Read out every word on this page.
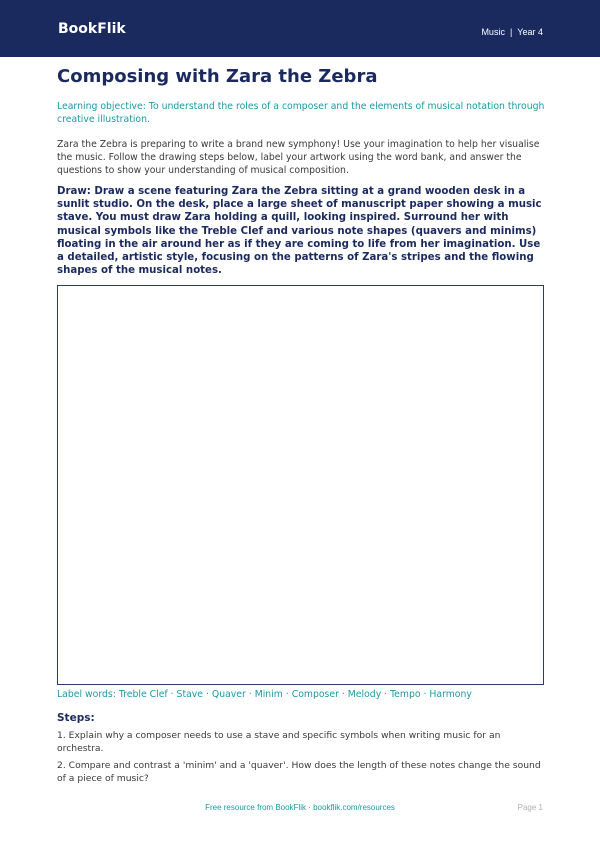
BookFlik	Music | Year 4
Composing with Zara the Zebra

Learning objective: To understand the roles of a composer and the elements of musical notation through creative illustration.

Zara the Zebra is preparing to write a brand new symphony! Use your imagination to help her visualise the music. Follow the drawing steps below, label your artwork using the word bank, and answer the questions to show your understanding of musical composition.

Draw: Draw a scene featuring Zara the Zebra sitting at a grand wooden desk in a sunlit studio. On the desk, place a large sheet of manuscript paper showing a music stave. You must draw Zara holding a quill, looking inspired. Surround her with musical symbols like the Treble Clef and various note shapes (quavers and minims) floating in the air around her as if they are coming to life from her imagination. Use a detailed, artistic style, focusing on the patterns of Zara's stripes and the flowing shapes of the musical notes.

Label words: Treble Clef · Stave · Quaver · Minim · Composer · Melody · Tempo · Harmony

Steps:
1. Explain why a composer needs to use a stave and specific symbols when writing music for an orchestra.
2. Compare and contrast a 'minim' and a 'quaver'. How does the length of these notes change the sound of a piece of music?
Free resource from BookFlik · bookflik.com/resources	Page 1
